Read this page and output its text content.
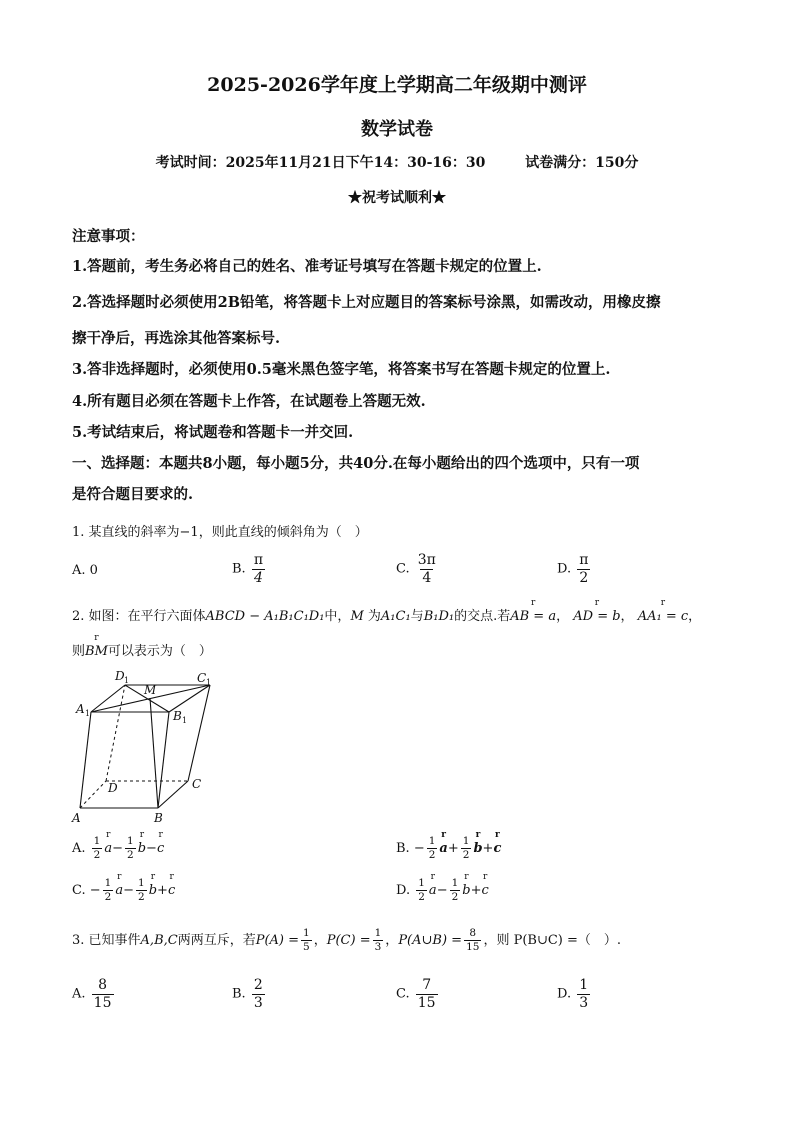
2025-2026学年度上学期高二年级期中测评
数学试卷
考试时间：2025年11月21日下午14：30-16：30	试卷满分：150分
★祝考试顺利★
注意事项：
1.答题前，考生务必将自己的姓名、准考证号填写在答题卡规定的位置上.
2.答选择题时必须使用2B铅笔，将答题卡上对应题目的答案标号涂黑，如需改动，用橡皮擦
擦干净后，再选涂其他答案标号.
3.答非选择题时，必须使用0.5毫米黑色签字笔，将答案书写在答题卡规定的位置上.
4.所有题目必须在答题卡上作答，在试题卷上答题无效.
5.考试结束后，将试题卷和答题卡一并交回.
一、选择题：本题共8小题，每小题5分，共40分.在每小题给出的四个选项中，只有一项
是符合题目要求的.
1. 某直线的斜率为−1，则此直线的倾斜角为（　）
A. 0	B. $\frac{\pi}{4}$	C. $\frac{3\pi}{4}$	D. $\frac{\pi}{2}$
2. 如图：在平行六面体ABCD − A₁B₁C₁D₁中，M 为A₁C₁与B₁D₁的交点.若r AB = a， r AD = b， r AA₁ = c，
则r BM可以表示为（　）
A	B
C
D
A 1	B 1
C 1
D 1
M
A. $\frac{1}{2}$ r $a- \frac{1}{2}$ r b−r c	B. − $\frac{1}{2}$ r $a+ \frac{1}{2}$ r b+r c
C. − $\frac{1}{2}$ r $a- \frac{1}{2}$ r b+r c	D. $\frac{1}{2}$ r $a- \frac{1}{2}$ r b+r c
3. 已知事件A,B,C两两互斥，若$P(A) = \frac{1}{5}$ ，$P(C) = \frac{1}{3}$ ，P(A∪B) = $\frac{8}{15}$ ，则 P(B∪C) =（　）.
A. $\frac{8}{15}$	B. $\frac{2}{3}$	C. $\frac{7}{15}$	D. $\frac{1}{3}$
